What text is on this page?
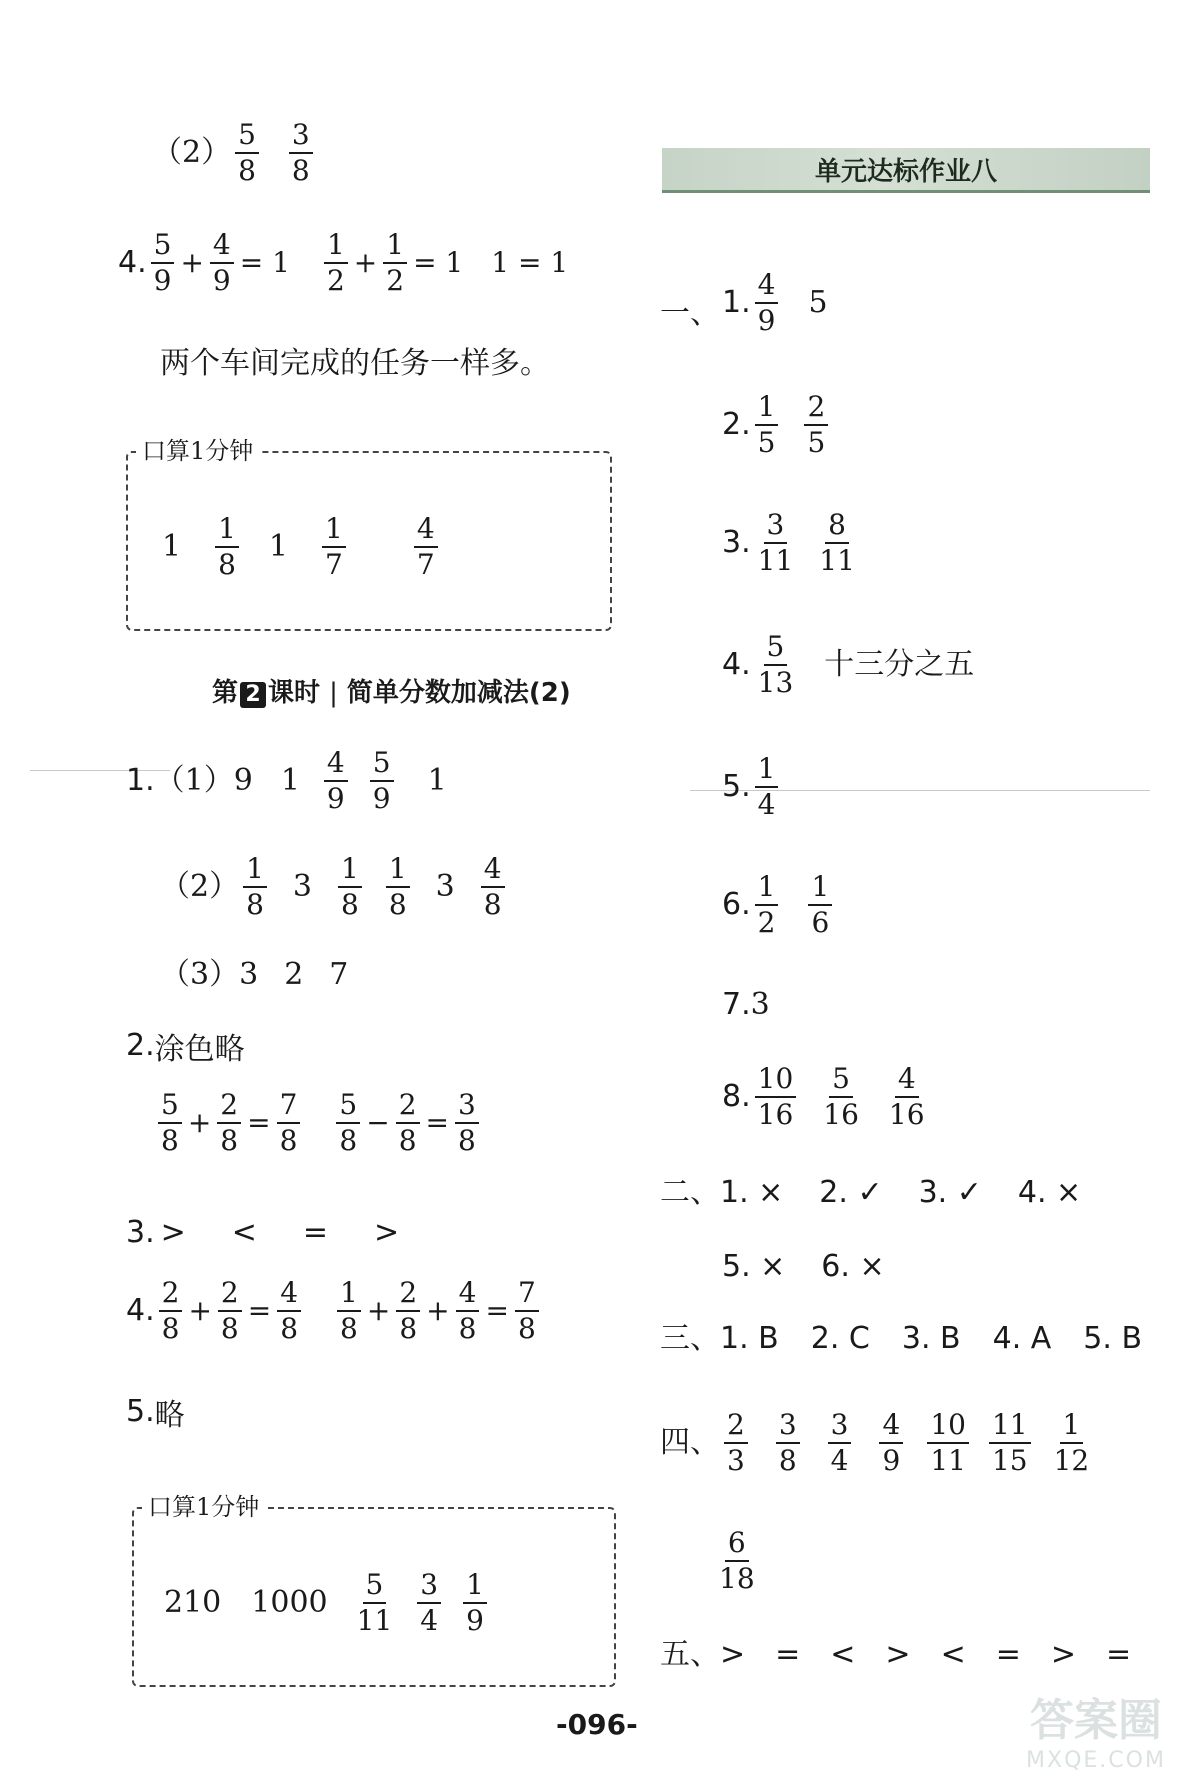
$(2) \frac{5}{8} \frac{3}{8}$
4. $\frac{5}{9} + \frac{4}{9} = 1 \frac{1}{2} + \frac{1}{2} = 1$ 1 = 1
两个车间完成的任务一样多。
口算1分钟
$1 \frac{1}{8} 1 \frac{1}{7} \frac{4}{7}$
第 2 课时 | 简单分数加减法(2)
1. （1）9 $1 \frac{4}{9} \frac{5}{9} 1$
$(2) \frac{1}{8} 3 \frac{1}{8} \frac{1}{8} 3 \frac{4}{8}$
（3）3 2 7
2. 涂色略
$\frac{5}{8} + \frac{2}{8} = \frac{7}{8} \frac{5}{8} - \frac{2}{8} = \frac{3}{8}$
3. > < = >
4. $\frac{2}{8} + \frac{2}{8} = \frac{4}{8} \frac{1}{8} + \frac{2}{8} + \frac{4}{8} = \frac{7}{8}$
5. 略
口算1分钟
210 $1000 \frac{5}{11} \frac{3}{4} \frac{1}{9}$
单元达标作业八
一、 1. $\frac{4}{9} 5$
2. $\frac{1}{5} \frac{2}{5}$
3. $\frac{3}{11} \frac{8}{11}$
4. $\frac{5}{13}$ 十三分之五
5. $\frac{1}{4}$
6. $\frac{1}{2} \frac{1}{6}$
7. 3
8. $\frac{10}{16} \frac{5}{16} \frac{4}{16}$
二、 1. × 2. ✓ 3. ✓ 4. ×
5. × 6. ×
三、 1. B 2. C 3. B 4. A 5. B
四、 $\frac{2}{3} \frac{3}{8} \frac{3}{4} \frac{4}{9} \frac{10}{11} \frac{11}{15} \frac{1}{12}$
$\frac{6}{18}$
五、 > = < > < = > =
-096-	答案圈
MXQE.COM
